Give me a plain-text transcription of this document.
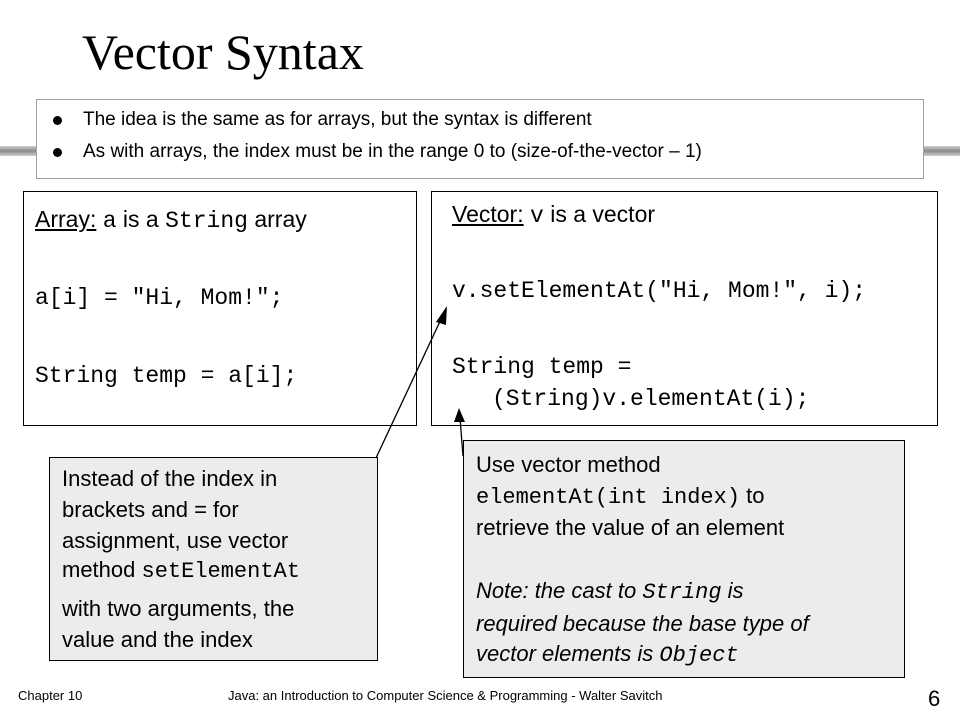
Vector Syntax
The idea is the same as for arrays, but the syntax is different
As with arrays, the index must be in the range 0 to (size-of-the-vector – 1)
Array: a is a String array
a[i] = "Hi, Mom!";
String temp = a[i];
Vector: v is a vector
v.setElementAt("Hi, Mom!", i);
String temp =
(String)v.elementAt(i);
Instead of the index in
brackets and = for
assignment, use vector
method setElementAt
with two arguments, the
value and the index
Use vector method
elementAt(int index) to
retrieve the value of an element
Note: the cast to String is
required because the base type of
vector elements is Object
Chapter 10	Java: an Introduction to Computer Science & Programming - Walter Savitch	6
